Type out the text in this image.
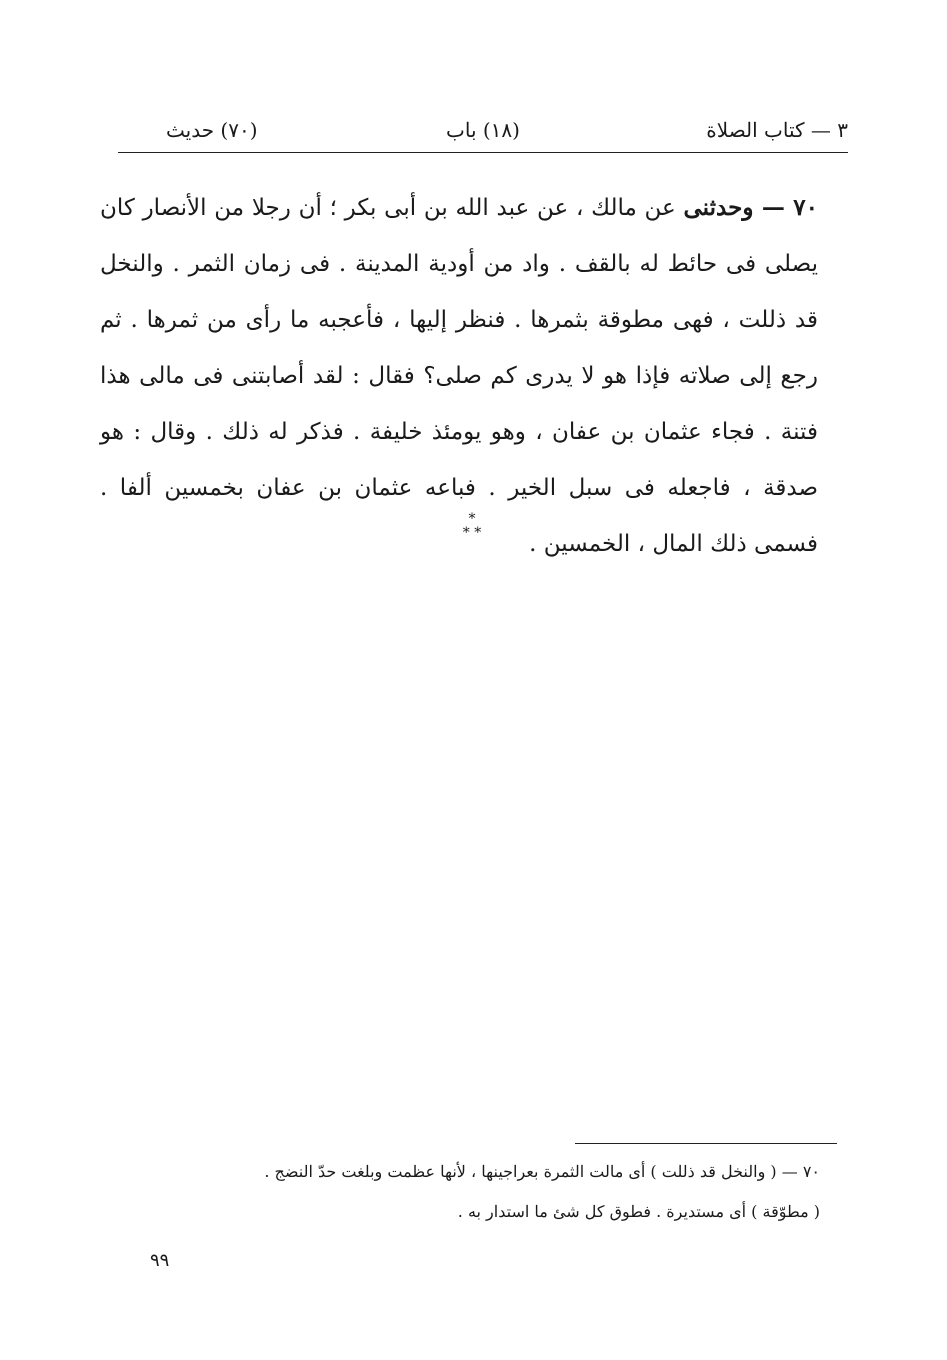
٣ — كتاب الصلاة
(١٨) باب
(٧٠) حديث
٧٠ — وحدثنى عن مالك ، عن عبد الله بن أبى بكر ؛ أن رجلا من الأنصار كان يصلى فى حائط له بالقف . واد من أودية المدينة . فى زمان الثمر . والنخل قد ذللت ، فهى مطوقة بثمرها . فنظر إليها ، فأعجبه ما رأى من ثمرها . ثم رجع إلى صلاته فإذا هو لا يدرى كم صلى؟ فقال : لقد أصابتنى فى مالى هذا فتنة . فجاء عثمان بن عفان ، وهو يومئذ خليفة . فذكر له ذلك . وقال : هو صدقة ، فاجعله فى سبل الخير . فباعه عثمان بن عفان بخمسين ألفا . فسمى ذلك المال ، الخمسين .
*
* *

٧٠ — ( والنخل قد ذللت ) أى مالت الثمرة بعراجينها ، لأنها عظمت وبلغت حدّ النضج .

( مطوّقة ) أى مستديرة . فطوق كل شئ ما استدار به .

٩٩
